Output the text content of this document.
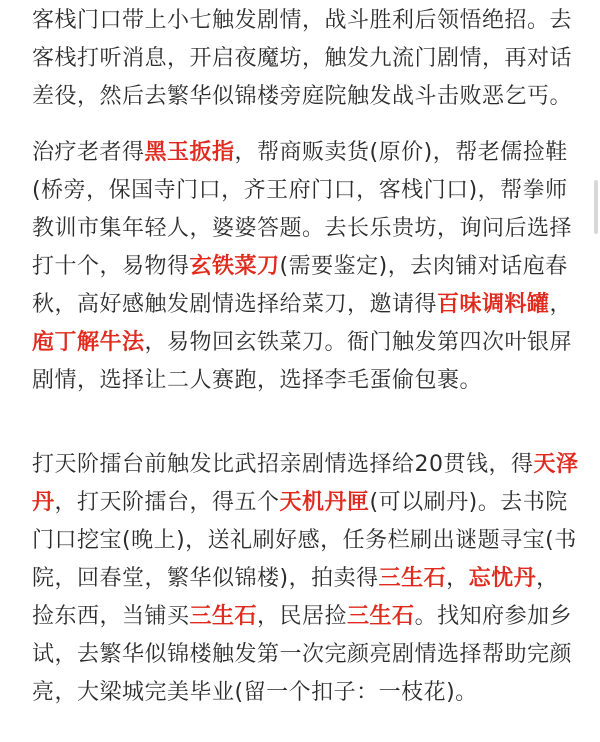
客栈门口带上小七触发剧情，战斗胜利后领悟绝招。去
客栈打听消息，开启夜魔坊，触发九流门剧情，再对话
差役，然后去繁华似锦楼旁庭院触发战斗击败恶乞丐。
治疗老者得黑玉扳指，帮商贩卖货(原价)，帮老儒捡鞋
(桥旁，保国寺门口，齐王府门口，客栈门口)，帮拳师
教训市集年轻人，婆婆答题。去长乐贵坊，询问后选择
打十个，易物得玄铁菜刀(需要鉴定)，去肉铺对话庖春
秋，高好感触发剧情选择给菜刀，邀请得百味调料罐，
庖丁解牛法，易物回玄铁菜刀。衙门触发第四次叶银屏
剧情，选择让二人赛跑，选择李毛蛋偷包裹。
打天阶擂台前触发比武招亲剧情选择给20贯钱，得天泽
丹，打天阶擂台，得五个天机丹匣(可以刷丹)。去书院
门口挖宝(晚上)，送礼刷好感，任务栏刷出谜题寻宝(书
院，回春堂，繁华似锦楼)，拍卖得三生石，忘忧丹，
捡东西，当铺买三生石，民居捡三生石。找知府参加乡
试，去繁华似锦楼触发第一次完颜亮剧情选择帮助完颜
亮，大梁城完美毕业(留一个扣子：一枝花)。
